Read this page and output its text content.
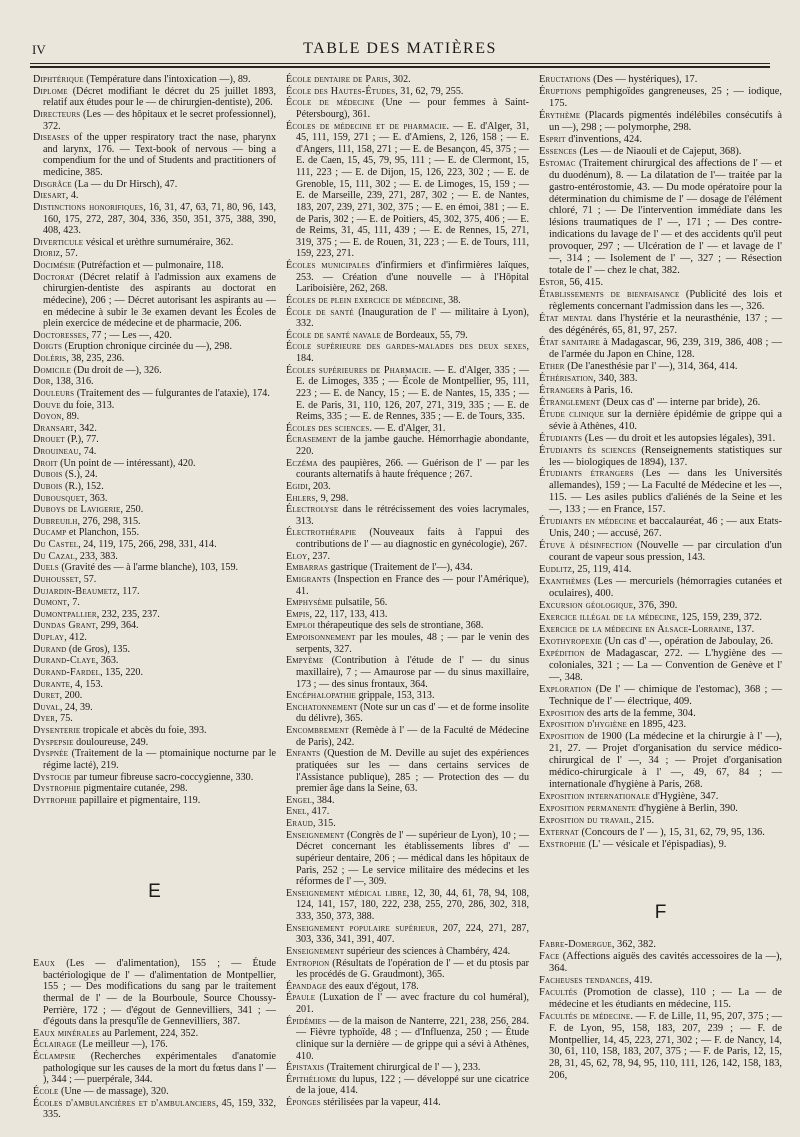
IV	TABLE DES MATIÈRES

Diphtérique (Température dans l'intoxication —), 89.

Diplome (Décret modifiant le décret du 25 juillet 1893, relatif aux études pour le — de chirurgien-dentiste), 206.

Directeurs (Les — des hôpitaux et le secret professionnel), 372.

Diseases of the upper respiratory tract the nase, pharynx and larynx, 176. — Text-book of nervous — bing a compendium for the und of Students and practitioners of medicine, 385.

Disgrâce (La — du Dr Hirsch), 47.

Diesart, 4.

Distinctions honorifiques, 16, 31, 47, 63, 71, 80, 96, 143, 160, 175, 272, 287, 304, 336, 350, 351, 375, 388, 390, 408, 423.

Diverticule vésical et urèthre surnuméraire, 362.

Dioriz, 57.

Docimésie (Putréfaction et — pulmonaire, 118.

Doctorat (Décret relatif à l'admission aux examens de chirurgien-dentiste des aspirants au doctorat en médecine), 206 ; — Décret autorisant les aspirants au — en médecine à subir le 3e examen devant les Écoles de plein exercice de médecine et de pharmacie, 206.

Doctoresses, 77 ; — Les —, 420.

Doigts (Eruption chronique circinée du —), 298.

Doléris, 38, 235, 236.

Domicile (Du droit de —), 326.

Dor, 138, 316.

Douleurs (Traitement des — fulgurantes de l'ataxie), 174.

Douve du foie, 313.

Doyon, 89.

Dransart, 342.

Drouet (P.), 77.

Drouineau, 74.

Droit (Un point de — intéressant), 420.

Dubois (S.), 24.

Dubois (R.), 152.

Dubousquet, 363.

Duboys de Lavigerie, 250.

Dubreuilh, 276, 298, 315.

Ducamp et Planchon, 155.

Du Castel, 24, 119, 175, 266, 298, 331, 414.

Du Cazal, 233, 383.

Duels (Gravité des — à l'arme blanche), 103, 159.

Duhousset, 57.

Dujardin-Beaumetz, 117.

Dumont, 7.

Dumontpallier, 232, 235, 237.

Dundas Grant, 299, 364.

Duplay, 412.

Durand (de Gros), 135.

Durand-Claye, 363.

Durand-Fardel, 135, 220.

Durante, 4, 153.

Duret, 200.

Duval, 24, 39.

Dyer, 75.

Dysenterie tropicale et abcès du foie, 393.

Dyspepsie douloureuse, 249.

Dyspnée (Traitement de la — ptomainique nocturne par le régime lacté), 219.

Dystocie par tumeur fibreuse sacro-coccygienne, 330.

Dystrophie pigmentaire cutanée, 298.

Dytrophie papillaire et pigmentaire, 119.

E

Eaux (Les — d'alimentation), 155 ; — Étude bactériologique de l' — d'alimentation de Montpellier, 155 ; — Des modifications du sang par le traitement thermal de l' — de la Bourboule, Source Choussy-Perrière, 172 ; — d'égout de Gennevilliers, 341 ; — d'égouts dans la presqu'île de Gennevilliers, 387.

Eaux minérales au Parlement, 224, 352.

Éclairage (Le meilleur —), 176.

Éclampsie (Recherches expérimentales d'anatomie pathologique sur les causes de la mort du fœtus dans l' — ), 344 ; — puerpérale, 344.

École (Une — de massage), 320.

Écoles d'ambulancières et d'ambulanciers, 45, 159, 332, 335.

École dentaire de Paris, 302.

École des Hautes-Études, 31, 62, 79, 255.

École de médecine (Une — pour femmes à Saint-Pétersbourg), 361.

Écoles de médecine et de pharmacie. — E. d'Alger, 31, 45, 111, 159, 271 ; — E. d'Amiens, 2, 126, 158 ; — E. d'Angers, 111, 158, 271 ; — E. de Besançon, 45, 375 ; — E. de Caen, 15, 45, 79, 95, 111 ; — E. de Clermont, 15, 111, 223 ; — E. de Dijon, 15, 126, 223, 302 ; — E. de Grenoble, 15, 111, 302 ; — E. de Limoges, 15, 159 ; — E. de Marseille, 239, 271, 287, 302 ; — E. de Nantes, 183, 207, 239, 271, 302, 375 ; — E. en émoi, 381 ; — E. de Paris, 302 ; — E. de Poitiers, 45, 302, 375, 406 ; — E. de Reims, 31, 45, 111, 439 ; — E. de Rennes, 15, 271, 319, 375 ; — E. de Rouen, 31, 223 ; — E. de Tours, 111, 159, 223, 271.

Écoles municipales d'infirmiers et d'infirmières laïques, 253. — Création d'une nouvelle — à l'Hôpital Lariboisière, 262, 268.

Écoles de plein exercice de médecine, 38.

École de santé (Inauguration de l' — militaire à Lyon), 332.

École de santé navale de Bordeaux, 55, 79.

École supérieure des gardes-malades des deux sexes, 184.

Écoles supérieures de Pharmacie. — E. d'Alger, 335 ; — E. de Limoges, 335 ; — École de Montpellier, 95, 111, 223 ; — E. de Nancy, 15 ; — E. de Nantes, 15, 335 ; — E. de Paris, 31, 110, 126, 207, 271, 319, 335 ; — E. de Reims, 335 ; — E. de Rennes, 335 ; — E. de Tours, 335.

Écoles des sciences. — E. d'Alger, 31.

Écrasement de la jambe gauche. Hémorrhagie abondante, 220.

Eczéma des paupières, 266. — Guérison de l' — par les courants alternatifs à haute fréquence ; 267.

Egidi, 203.

Ehlers, 9, 298.

Électrolyse dans le rétrécissement des voies lacrymales, 313.

Électrothérapie (Nouveaux faits à l'appui des contributions de l' — au diagnostic en gynécologie), 267.

Eloy, 237.

Embarras gastrique (Traitement de l'—), 434.

Emigrants (Inspection en France des — pour l'Amérique), 41.

Emphysème pulsatile, 56.

Empis, 22, 117, 133, 413.

Emploi thérapeutique des sels de strontiane, 368.

Empoisonnement par les moules, 48 ; — par le venin des serpents, 327.

Empyème (Contribution à l'étude de l' — du sinus maxillaire), 7 ; — Amaurose par — du sinus maxillaire, 173 ; — des sinus frontaux, 364.

Encéphalopathie grippale, 153, 313.

Enchatonnement (Note sur un cas d' — et de forme insolite du délivre), 365.

Encombrement (Remède à l' — de la Faculté de Médecine de Paris), 242.

Enfants (Question de M. Deville au sujet des expériences pratiquées sur les — dans certains services de l'Assistance publique), 285 ; — Protection des — du premier âge dans la Seine, 63.

Engel, 384.

Enel, 417.

Eraud, 315.

Enseignement (Congrès de l' — supérieur de Lyon), 10 ; — Décret concernant les établissements libres d' — supérieur dentaire, 206 ; — médical dans les hôpitaux de Paris, 252 ; — Le service militaire des médecins et les réformes de l' —, 309.

Enseignement médical libre, 12, 30, 44, 61, 78, 94, 108, 124, 141, 157, 180, 222, 238, 255, 270, 286, 302, 318, 333, 350, 373, 388.

Enseignement populaire supérieur, 207, 224, 271, 287, 303, 336, 341, 391, 407.

Enseignement supérieur des sciences à Chambéry, 424.

Entropion (Résultats de l'opération de l' — et du ptosis par les procédés de G. Graudmont), 365.

Épandage des eaux d'égout, 178.

Épaule (Luxation de l' — avec fracture du col huméral), 201.

Épidémies — de la maison de Nanterre, 221, 238, 256, 284. — Fièvre typhoïde, 48 ; — d'Influenza, 250 ; — Étude clinique sur la dernière — de grippe qui a sévi à Athènes, 410.

Épistaxis (Traitement chirurgical de l' — ), 233.

Épithéliome du lupus, 122 ; — développé sur une cicatrice de la joue, 414.

Éponges stérilisées par la vapeur, 414.

Eructations (Des — hystériques), 17.

Éruptions pemphigoïdes gangreneuses, 25 ; — iodique, 175.

Érythème (Placards pigmentés indélébiles consécutifs à un —), 298 ; — polymorphe, 298.

Esprit d'inventions, 424.

Essences (Les — de Niaouli et de Cajeput, 368).

Estomac (Traitement chirurgical des affections de l' — et du duodénum), 8. — La dilatation de l'— traitée par la gastro-entérostomie, 43. — Du mode opératoire pour la détermination du chimisme de l' — dosage de l'élément chloré, 71 ; — De l'intervention immédiate dans les lésions traumatiques de l' —, 171 ; — Des contre-indications du lavage de l' — et des accidents qu'il peut provoquer, 297 ; — Ulcération de l' — et lavage de l' —, 314 ; — Isolement de l' —, 327 ; — Résection totale de l' — chez le chat, 382.

Estor, 56, 415.

Établissements de bienfaisance (Publicité des lois et règlements concernant l'admission dans les —, 326.

État mental dans l'hystérie et la neurasthénie, 137 ; — des dégénérés, 65, 81, 97, 257.

État sanitaire à Madagascar, 96, 239, 319, 386, 408 ; — de l'armée du Japon en Chine, 128.

Ether (De l'anesthésie par l' —), 314, 364, 414.

Éthérisation, 340, 383.

Étrangers à Paris, 16.

Étranglement (Deux cas d' — interne par bride), 26.

Étude clinique sur la dernière épidémie de grippe qui a sévie à Athènes, 410.

Étudiants (Les — du droit et les autopsies légales), 391.

Étudiants ès sciences (Renseignements statistiques sur les — biologiques de 1894), 137.

Étudiants étrangers (Les — dans les Universités allemandes), 159 ; — La Faculté de Médecine et les —, 115. — Les asiles publics d'aliénés de la Seine et les —, 133 ; — en France, 157.

Étudiants en médecine et baccalauréat, 46 ; — aux Etats-Unis, 240 ; — accusé, 267.

Étuve à désinfection (Nouvelle — par circulation d'un courant de vapeur sous pression, 143.

Eudlitz, 25, 119, 414.

Exanthèmes (Les — mercuriels (hémorragies cutanées et oculaires), 400.

Excursion géologique, 376, 390.

Exercice illégal de la médecine, 125, 159, 239, 372.

Exercice de la médecine en Alsace-Lorraine, 137.

Exothyropexie (Un cas d' —, opération de Jaboulay, 26.

Expédition de Madagascar, 272. — L'hygiène des — coloniales, 321 ; — La — Convention de Genève et l' —, 348.

Exploration (De l' — chimique de l'estomac), 368 ; — Technique de l' — électrique, 409.

Exposition des arts de la femme, 304.

Exposition d'hygiène en 1895, 423.

Exposition de 1900 (La médecine et la chirurgie à l' —), 21, 27. — Projet d'organisation du service médico-chirurgical de l' —, 34 ; — Projet d'organisation médico-chirurgicale à l' —, 49, 67, 84 ; — internationale d'hygiène à Paris, 268.

Exposition internationale d'Hygiène, 347.

Exposition permanente d'hygiène à Berlin, 390.

Exposition du travail, 215.

Externat (Concours de l' — ), 15, 31, 62, 79, 95, 136.

Exstrophie (L' — vésicale et l'épispadias), 9.

F

Fabre-Domergue, 362, 382.

Face (Affections aiguës des cavités accessoires de la —), 364.

Facheuses tendances, 419.

Facultés (Promotion de classe), 110 ; — La — de médecine et les étudiants en médecine, 115.

Facultés de médecine. — F. de Lille, 11, 95, 207, 375 ; — F. de Lyon, 95, 158, 183, 207, 239 ; — F. de Montpellier, 14, 45, 223, 271, 302 ; — F. de Nancy, 14, 30, 61, 110, 158, 183, 207, 375 ; — F. de Paris, 12, 15, 28, 31, 45, 62, 78, 94, 95, 110, 111, 126, 142, 158, 183, 206,
